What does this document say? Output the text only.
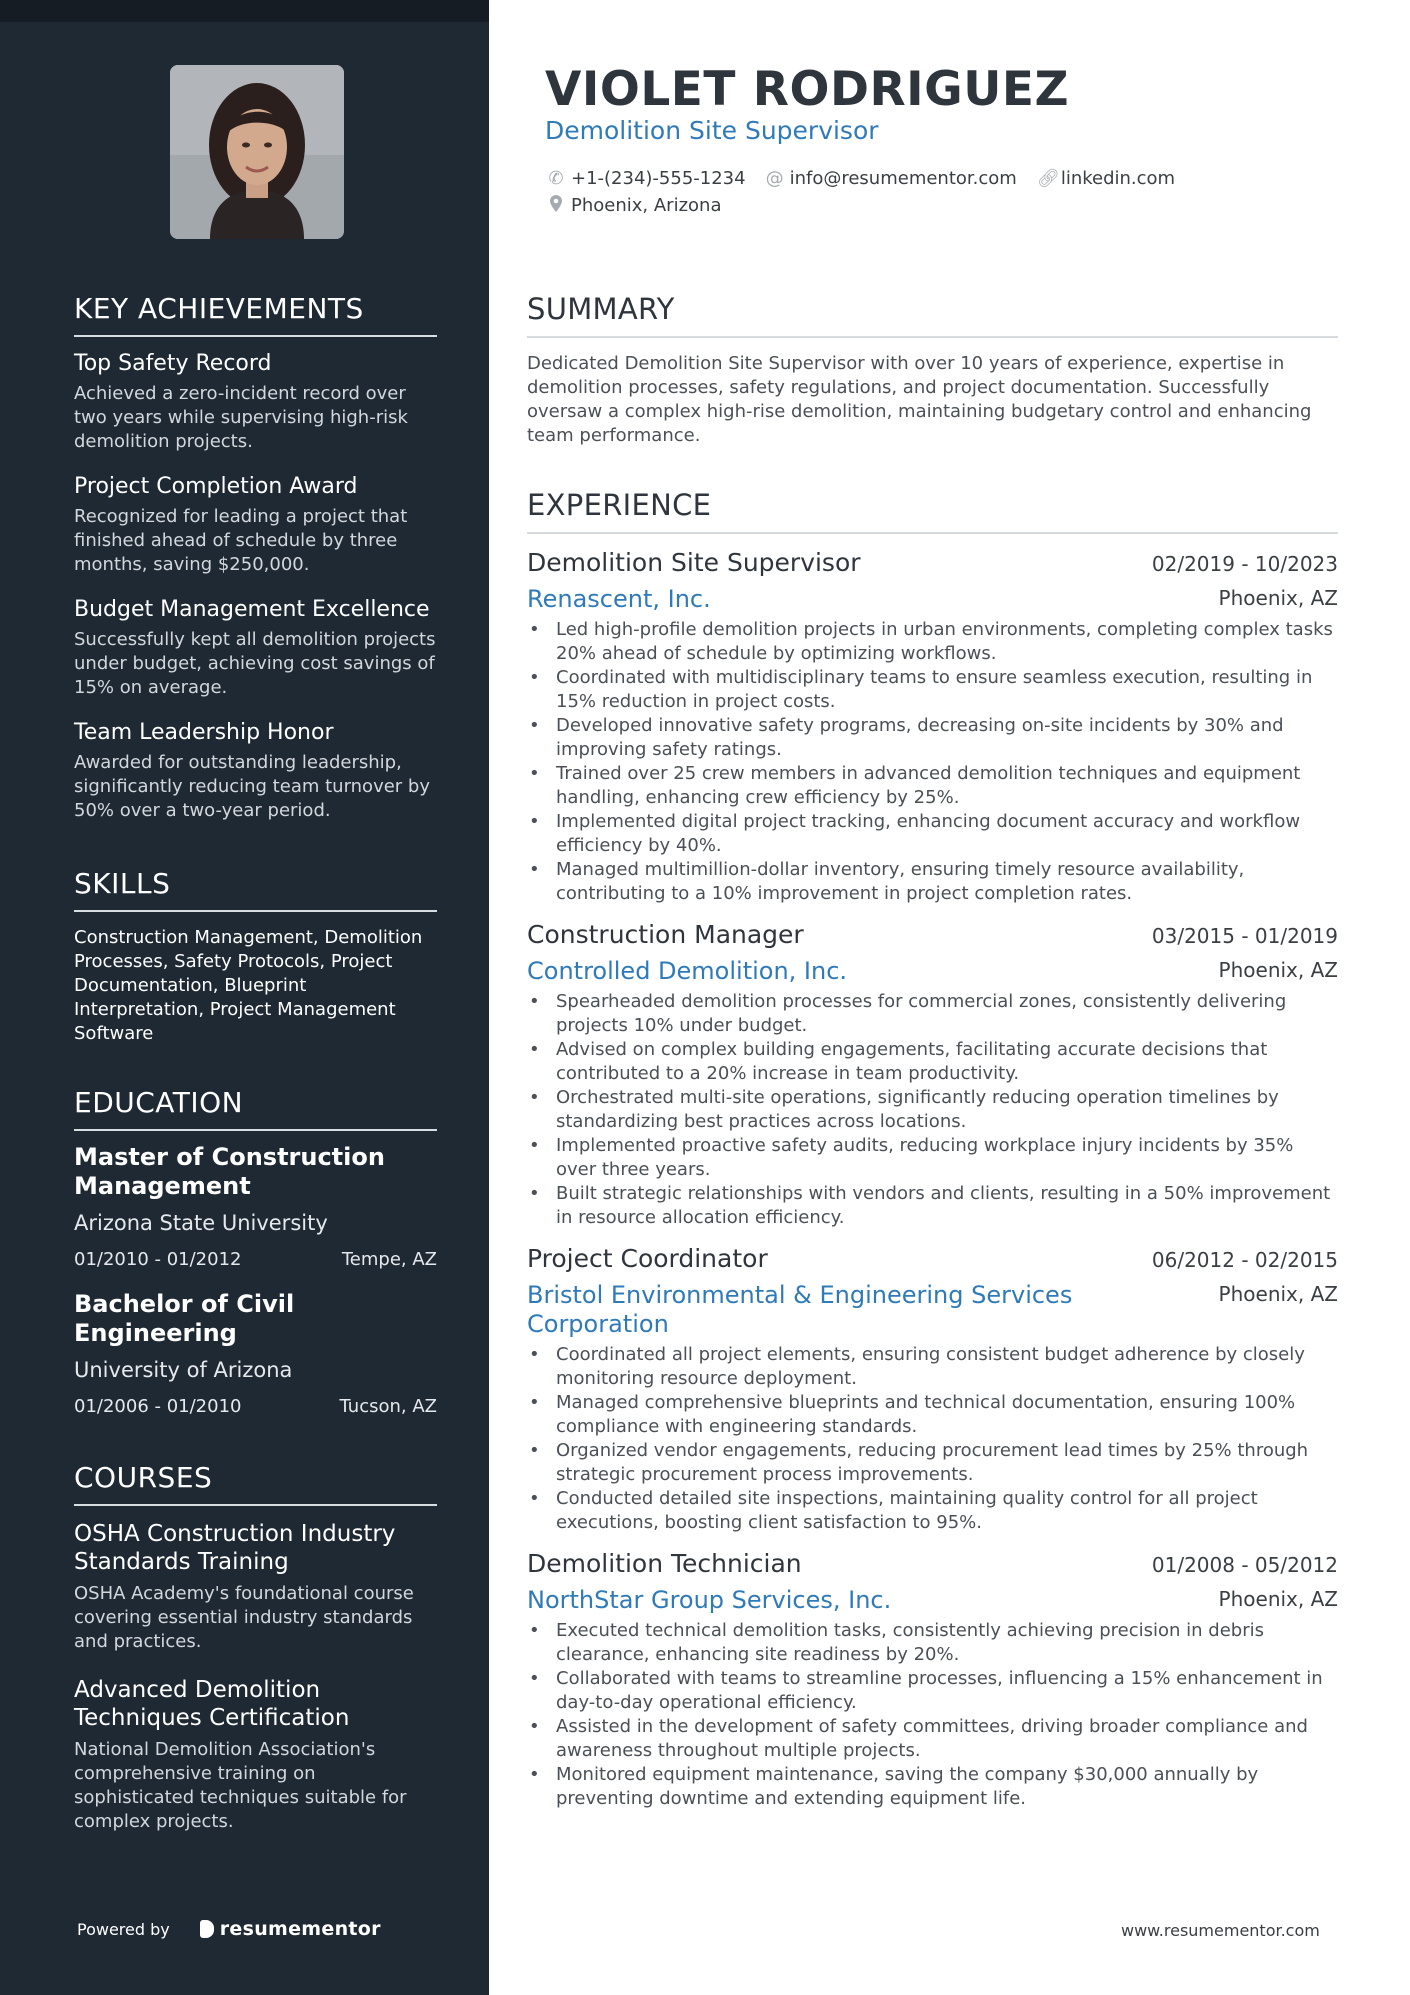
KEY ACHIEVEMENTS
Top Safety Record
Achieved a zero-incident record over two years while supervising high-risk demolition projects.
Project Completion Award
Recognized for leading a project that finished ahead of schedule by three months, saving $250,000.
Budget Management Excellence
Successfully kept all demolition projects under budget, achieving cost savings of 15% on average.
Team Leadership Honor
Awarded for outstanding leadership, significantly reducing team turnover by 50% over a two-year period.
SKILLS
Construction Management, Demolition Processes, Safety Protocols, Project Documentation, Blueprint Interpretation, Project Management Software
EDUCATION
Master of Construction Management
Arizona State University
01/2010 - 01/2012	Tempe, AZ
Bachelor of Civil Engineering
University of Arizona
01/2006 - 01/2010	Tucson, AZ
COURSES
OSHA Construction Industry Standards Training
OSHA Academy's foundational course covering essential industry standards and practices.
Advanced Demolition Techniques Certification
National Demolition Association's comprehensive training on sophisticated techniques suitable for complex projects.
Powered by	resumementor
VIOLET RODRIGUEZ
Demolition Site Supervisor
✆ +1-(234)-555-1234 @ info@resumementor.com 🔗︎ linkedin.com
Phoenix, Arizona
SUMMARY
Dedicated Demolition Site Supervisor with over 10 years of experience, expertise in demolition processes, safety regulations, and project documentation. Successfully oversaw a complex high-rise demolition, maintaining budgetary control and enhancing team performance.
EXPERIENCE
Demolition Site Supervisor	02/2019 - 10/2023
Renascent, Inc.	Phoenix, AZ
• Led high-profile demolition projects in urban environments, completing complex tasks 20% ahead of schedule by optimizing workflows.
• Coordinated with multidisciplinary teams to ensure seamless execution, resulting in 15% reduction in project costs.
• Developed innovative safety programs, decreasing on-site incidents by 30% and improving safety ratings.
• Trained over 25 crew members in advanced demolition techniques and equipment handling, enhancing crew efficiency by 25%.
• Implemented digital project tracking, enhancing document accuracy and workflow efficiency by 40%.
• Managed multimillion-dollar inventory, ensuring timely resource availability, contributing to a 10% improvement in project completion rates.
Construction Manager	03/2015 - 01/2019
Controlled Demolition, Inc.	Phoenix, AZ
• Spearheaded demolition processes for commercial zones, consistently delivering projects 10% under budget.
• Advised on complex building engagements, facilitating accurate decisions that contributed to a 20% increase in team productivity.
• Orchestrated multi-site operations, significantly reducing operation timelines by standardizing best practices across locations.
• Implemented proactive safety audits, reducing workplace injury incidents by 35% over three years.
• Built strategic relationships with vendors and clients, resulting in a 50% improvement in resource allocation efficiency.
Project Coordinator	06/2012 - 02/2015
Bristol Environmental & Engineering Services Corporation
Phoenix, AZ
• Coordinated all project elements, ensuring consistent budget adherence by closely monitoring resource deployment.
• Managed comprehensive blueprints and technical documentation, ensuring 100% compliance with engineering standards.
• Organized vendor engagements, reducing procurement lead times by 25% through strategic procurement process improvements.
• Conducted detailed site inspections, maintaining quality control for all project executions, boosting client satisfaction to 95%.
Demolition Technician	01/2008 - 05/2012
NorthStar Group Services, Inc.	Phoenix, AZ
• Executed technical demolition tasks, consistently achieving precision in debris clearance, enhancing site readiness by 20%.
• Collaborated with teams to streamline processes, influencing a 15% enhancement in day-to-day operational efficiency.
• Assisted in the development of safety committees, driving broader compliance and awareness throughout multiple projects.
• Monitored equipment maintenance, saving the company $30,000 annually by preventing downtime and extending equipment life.
www.resumementor.com
